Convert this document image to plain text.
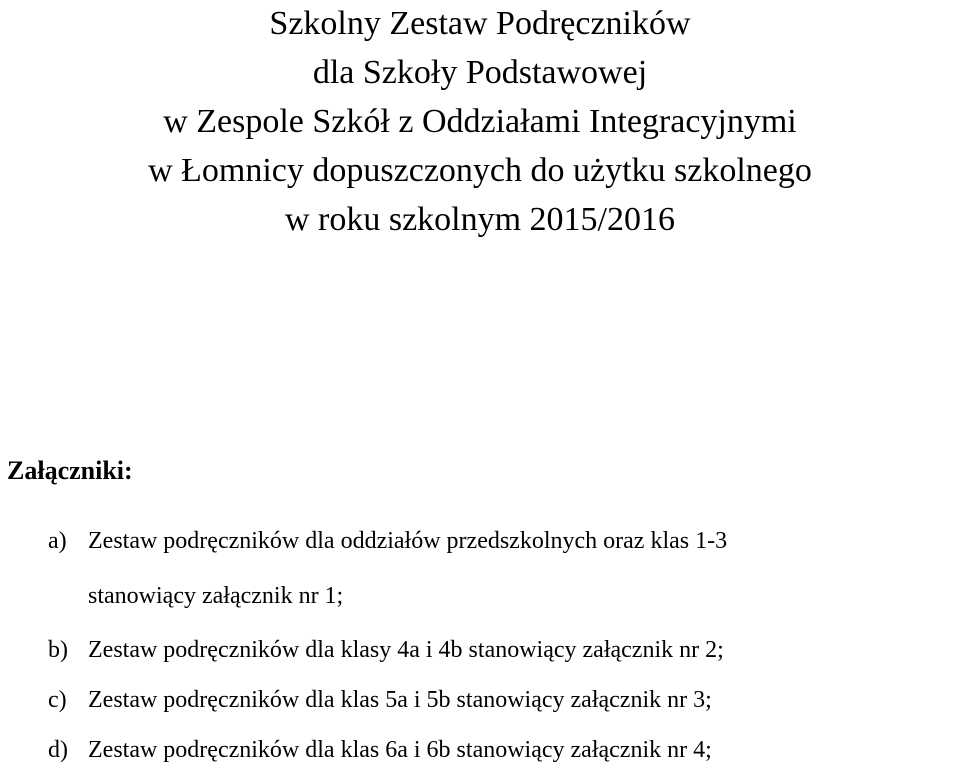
Szkolny Zestaw Podręczników
dla Szkoły Podstawowej
w Zespole Szkół z Oddziałami Integracyjnymi
w Łomnicy dopuszczonych do użytku szkolnego
w roku szkolnym 2015/2016
Załączniki:
a) Zestaw podręczników dla oddziałów przedszkolnych oraz klas 1-3
stanowiący załącznik nr 1;
b) Zestaw podręczników dla klasy 4a i 4b stanowiący załącznik nr 2;
c) Zestaw podręczników dla klas 5a i 5b stanowiący załącznik nr 3;
d) Zestaw podręczników dla klas 6a i 6b stanowiący załącznik nr 4;
